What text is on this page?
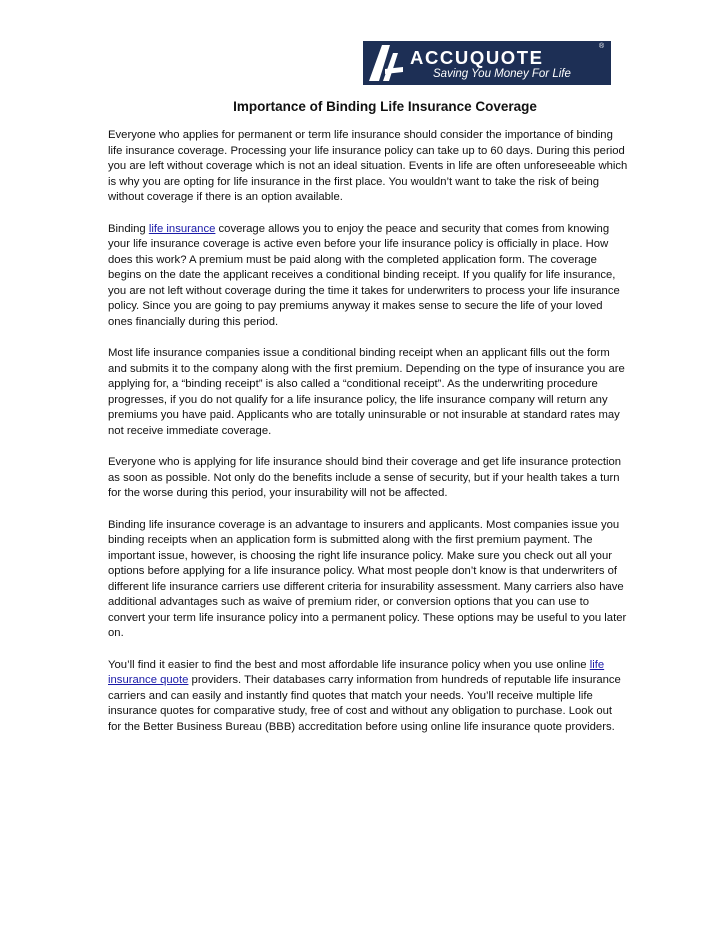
ACCUQUOTE
®
Saving You Money For Life
Importance of Binding Life Insurance Coverage

Everyone who applies for permanent or term life insurance should consider the importance of binding life insurance coverage. Processing your life insurance policy can take up to 60 days. During this period you are left without coverage which is not an ideal situation. Events in life are often unforeseeable which is why you are opting for life insurance in the first place. You wouldn’t want to take the risk of being without coverage if there is an option available.

Binding life insurance coverage allows you to enjoy the peace and security that comes from knowing your life insurance coverage is active even before your life insurance policy is officially in place. How does this work? A premium must be paid along with the completed application form. The coverage begins on the date the applicant receives a conditional binding receipt. If you qualify for life insurance, you are not left without coverage during the time it takes for underwriters to process your life insurance policy. Since you are going to pay premiums anyway it makes sense to secure the life of your loved ones financially during this period.

Most life insurance companies issue a conditional binding receipt when an applicant fills out the form and submits it to the company along with the first premium. Depending on the type of insurance you are applying for, a “binding receipt” is also called a “conditional receipt”. As the underwriting procedure progresses, if you do not qualify for a life insurance policy, the life insurance company will return any premiums you have paid. Applicants who are totally uninsurable or not insurable at standard rates may not receive immediate coverage.

Everyone who is applying for life insurance should bind their coverage and get life insurance protection as soon as possible. Not only do the benefits include a sense of security, but if your health takes a turn for the worse during this period, your insurability will not be affected.

Binding life insurance coverage is an advantage to insurers and applicants. Most companies issue you binding receipts when an application form is submitted along with the first premium payment. The important issue, however, is choosing the right life insurance policy. Make sure you check out all your options before applying for a life insurance policy. What most people don’t know is that underwriters of different life insurance carriers use different criteria for insurability assessment. Many carriers also have additional advantages such as waive of premium rider, or conversion options that you can use to convert your term life insurance policy into a permanent policy. These options may be useful to you later on.

You’ll find it easier to find the best and most affordable life insurance policy when you use online life insurance quote providers. Their databases carry information from hundreds of reputable life insurance carriers and can easily and instantly find quotes that match your needs. You’ll receive multiple life insurance quotes for comparative study, free of cost and without any obligation to purchase. Look out for the Better Business Bureau (BBB) accreditation before using online life insurance quote providers.
